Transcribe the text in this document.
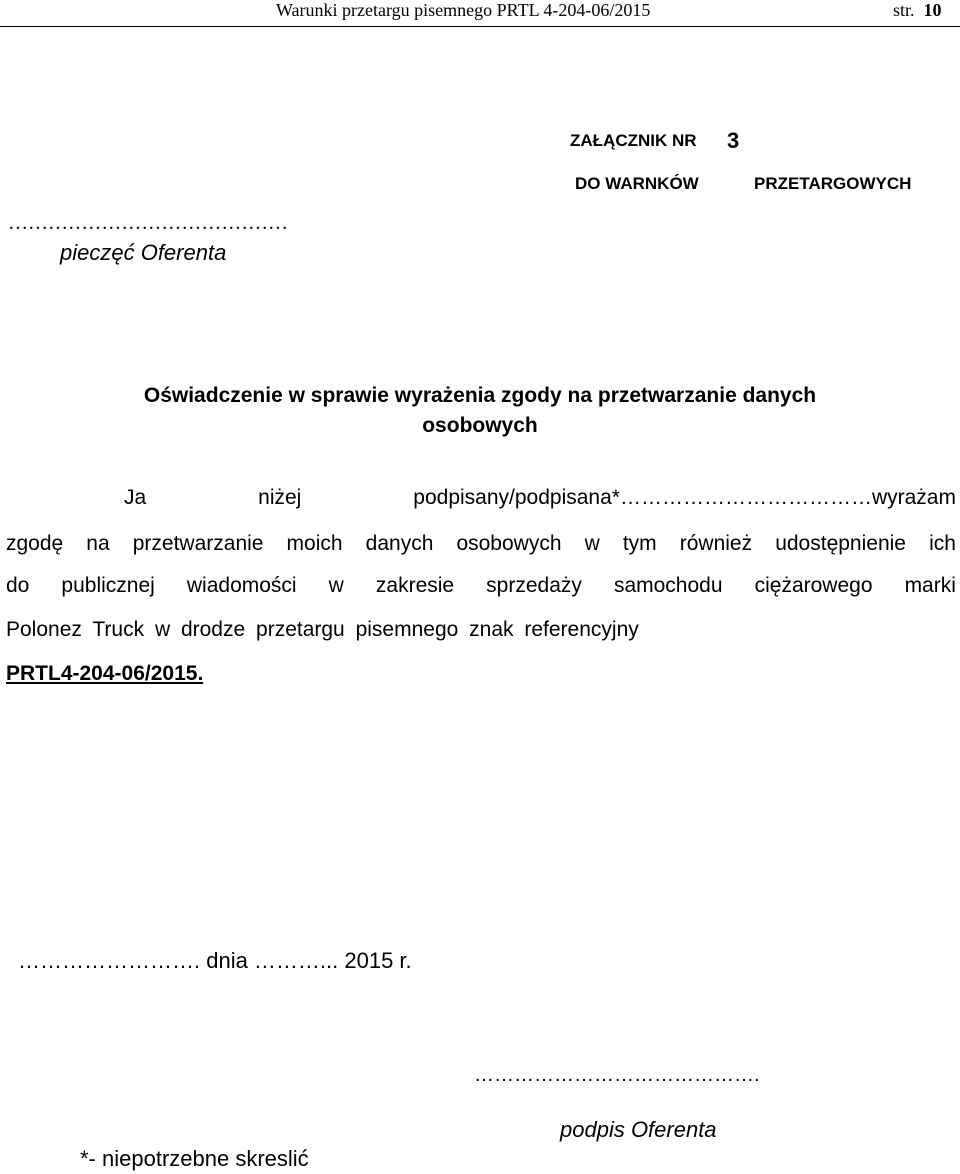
Warunki przetargu pisemnego PRTL 4-204-06/2015	str. 10
ZAŁĄCZNIK NR 3
DO WARNKÓW	PRZETARGOWYCH
……………………………………
pieczęć Oferenta
Oświadczenie w sprawie wyrażenia zgody na przetwarzanie danych
osobowych
Ja	niżej	podpisany/podpisana*………………………………wyrażam
zgodę na przetwarzanie moich danych osobowych w tym również udostępnienie ich
do publicznej wiadomości w zakresie sprzedaży samochodu ciężarowego marki
Polonez Truck w drodze przetargu pisemnego znak referencyjny
PRTL4-204-06/2015.
……………………. dnia ………... 2015 r.
…………………………………….
podpis Oferenta
*- niepotrzebne skreslić
